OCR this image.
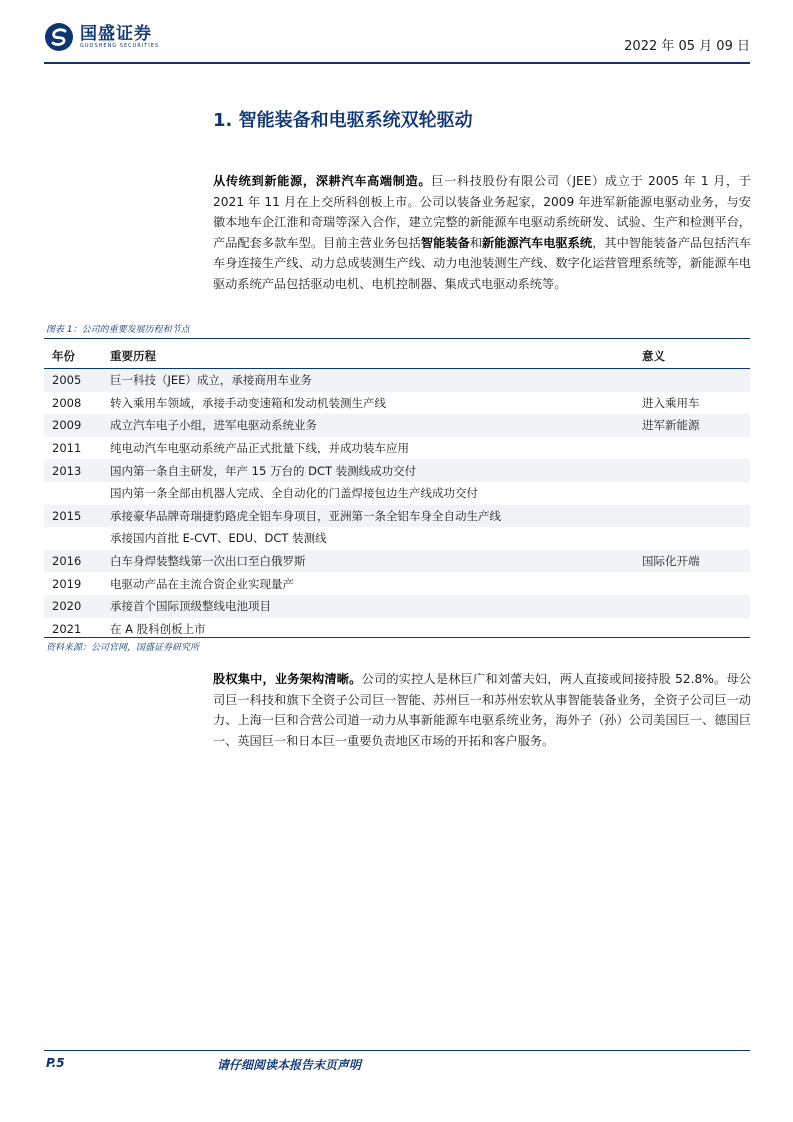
国盛证券
GUOSHENG SECURITIES	2022 年 05 月 09 日
1. 智能装备和电驱系统双轮驱动
从传统到新能源，深耕汽车高端制造。巨一科技股份有限公司（JEE）成立于 2005 年 1 月，于 2021 年 11 月在上交所科创板上市。公司以装备业务起家，2009 年进军新能源电驱动业务，与安徽本地车企江淮和奇瑞等深入合作，建立完整的新能源车电驱动系统研发、试验、生产和检测平台，产品配套多款车型。目前主营业务包括智能装备和新能源汽车电驱系统，其中智能装备产品包括汽车车身连接生产线、动力总成装测生产线、动力电池装测生产线、数字化运营管理系统等，新能源车电驱动系统产品包括驱动电机、电机控制器、集成式电驱动系统等。
图表 1：公司的重要发展历程和节点
年份	重要历程	意义
2005	巨一科技（JEE）成立，承接商用车业务	
2008	转入乘用车领域，承接手动变速箱和发动机装测生产线	进入乘用车
2009	成立汽车电子小组，进军电驱动系统业务	进军新能源
2011	纯电动汽车电驱动系统产品正式批量下线，并成功装车应用	
2013	国内第一条自主研发，年产 15 万台的 DCT 装测线成功交付	
	国内第一条全部由机器人完成、全自动化的门盖焊接包边生产线成功交付	
2015	承接豪华品牌奇瑞捷豹路虎全铝车身项目，亚洲第一条全铝车身全自动生产线	
	承接国内首批 E-CVT、EDU、DCT 装测线	
2016	白车身焊装整线第一次出口至白俄罗斯	国际化开端
2019	电驱动产品在主流合资企业实现量产	
2020	承接首个国际顶级整线电池项目	
2021	在 A 股科创板上市	
资料来源：公司官网，国盛证券研究所
股权集中，业务架构清晰。公司的实控人是林巨广和刘蕾夫妇，两人直接或间接持股 52.8%。母公司巨一科技和旗下全资子公司巨一智能、苏州巨一和苏州宏软从事智能装备业务，全资子公司巨一动力、上海一巨和合营公司道一动力从事新能源车电驱系统业务，海外子（孙）公司美国巨一、德国巨一、英国巨一和日本巨一重要负责地区市场的开拓和客户服务。
P.5	请仔细阅读本报告末页声明
